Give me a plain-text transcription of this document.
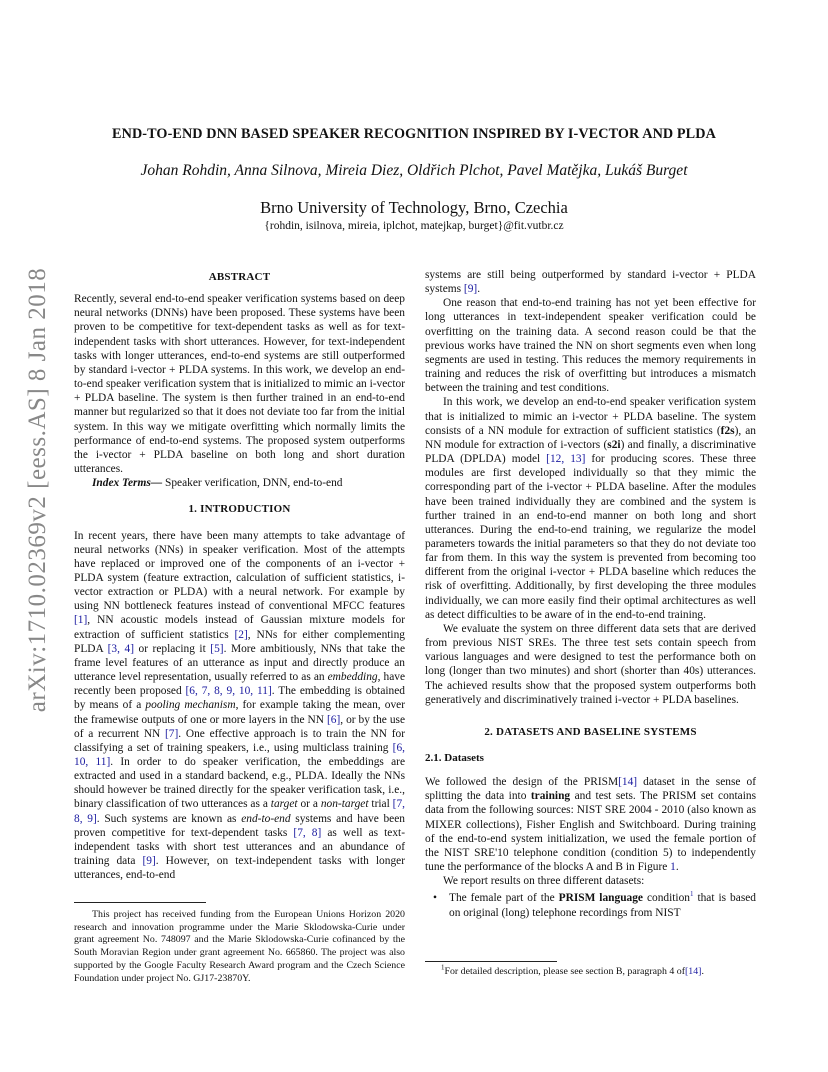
arXiv:1710.02369v2 [eess.AS] 8 Jan 2018
END-TO-END DNN BASED SPEAKER RECOGNITION INSPIRED BY I-VECTOR AND PLDA
Johan Rohdin, Anna Silnova, Mireia Diez, Oldřich Plchot, Pavel Matějka, Lukáš Burget
Brno University of Technology, Brno, Czechia
{rohdin, isilnova, mireia, iplchot, matejkap, burget}@fit.vutbr.cz
ABSTRACT

Recently, several end-to-end speaker verification systems based on deep neural networks (DNNs) have been proposed. These systems have been proven to be competitive for text-dependent tasks as well as for text-independent tasks with short utterances. However, for text-independent tasks with longer utterances, end-to-end systems are still outperformed by standard i-vector + PLDA systems. In this work, we develop an end-to-end speaker verification system that is initialized to mimic an i-vector + PLDA baseline. The system is then further trained in an end-to-end manner but regularized so that it does not deviate too far from the initial system. In this way we mitigate overfitting which normally limits the performance of end-to-end systems. The proposed system outperforms the i-vector + PLDA baseline on both long and short duration utterances.

Index Terms— Speaker verification, DNN, end-to-end

1. INTRODUCTION

In recent years, there have been many attempts to take advantage of neural networks (NNs) in speaker verification. Most of the attempts have replaced or improved one of the components of an i-vector + PLDA system (feature extraction, calculation of sufficient statistics, i-vector extraction or PLDA) with a neural network. For example by using NN bottleneck features instead of conventional MFCC features [1], NN acoustic models instead of Gaussian mixture models for extraction of sufficient statistics [2], NNs for either complementing PLDA [3, 4] or replacing it [5]. More ambitiously, NNs that take the frame level features of an utterance as input and directly produce an utterance level representation, usually referred to as an embedding, have recently been proposed [6, 7, 8, 9, 10, 11]. The embedding is obtained by means of a pooling mechanism, for example taking the mean, over the framewise outputs of one or more layers in the NN [6], or by the use of a recurrent NN [7]. One effective approach is to train the NN for classifying a set of training speakers, i.e., using multiclass training [6, 10, 11]. In order to do speaker verification, the embeddings are extracted and used in a standard backend, e.g., PLDA. Ideally the NNs should however be trained directly for the speaker verification task, i.e., binary classification of two utterances as a target or a non-target trial [7, 8, 9]. Such systems are known as end-to-end systems and have been proven competitive for text-dependent tasks [7, 8] as well as text-independent tasks with short test utterances and an abundance of training data [9]. However, on text-independent tasks with longer utterances, end-to-end

This project has received funding from the European Unions Horizon 2020 research and innovation programme under the Marie Sklodowska-Curie under grant agreement No. 748097 and the Marie Sklodowska-Curie cofinanced by the South Moravian Region under grant agreement No. 665860. The project was also supported by the Google Faculty Research Award program and the Czech Science Foundation under project No. GJ17-23870Y.

systems are still being outperformed by standard i-vector + PLDA systems [9].

One reason that end-to-end training has not yet been effective for long utterances in text-independent speaker verification could be overfitting on the training data. A second reason could be that the previous works have trained the NN on short segments even when long segments are used in testing. This reduces the memory requirements in training and reduces the risk of overfitting but introduces a mismatch between the training and test conditions.

In this work, we develop an end-to-end speaker verification system that is initialized to mimic an i-vector + PLDA baseline. The system consists of a NN module for extraction of sufficient statistics (f2s), an NN module for extraction of i-vectors (s2i) and finally, a discriminative PLDA (DPLDA) model [12, 13] for producing scores. These three modules are first developed individually so that they mimic the corresponding part of the i-vector + PLDA baseline. After the modules have been trained individually they are combined and the system is further trained in an end-to-end manner on both long and short utterances. During the end-to-end training, we regularize the model parameters towards the initial parameters so that they do not deviate too far from them. In this way the system is prevented from becoming too different from the original i-vector + PLDA baseline which reduces the risk of overfitting. Additionally, by first developing the three modules individually, we can more easily find their optimal architectures as well as detect difficulties to be aware of in the end-to-end training.

We evaluate the system on three different data sets that are derived from previous NIST SREs. The three test sets contain speech from various languages and were designed to test the performance both on long (longer than two minutes) and short (shorter than 40s) utterances. The achieved results show that the proposed system outperforms both generatively and discriminatively trained i-vector + PLDA baselines.

2. DATASETS AND BASELINE SYSTEMS
2.1. Datasets

We followed the design of the PRISM[14] dataset in the sense of splitting the data into training and test sets. The PRISM set contains data from the following sources: NIST SRE 2004 - 2010 (also known as MIXER collections), Fisher English and Switchboard. During training of the end-to-end system initialization, we used the female portion of the NIST SRE'10 telephone condition (condition 5) to independently tune the performance of the blocks A and B in Figure 1.

We report results on three different datasets:

•	The female part of the PRISM language condition$^1$ that is based on original (long) telephone recordings from NIST

$^1$For detailed description, please see section B, paragraph 4 of[14].
